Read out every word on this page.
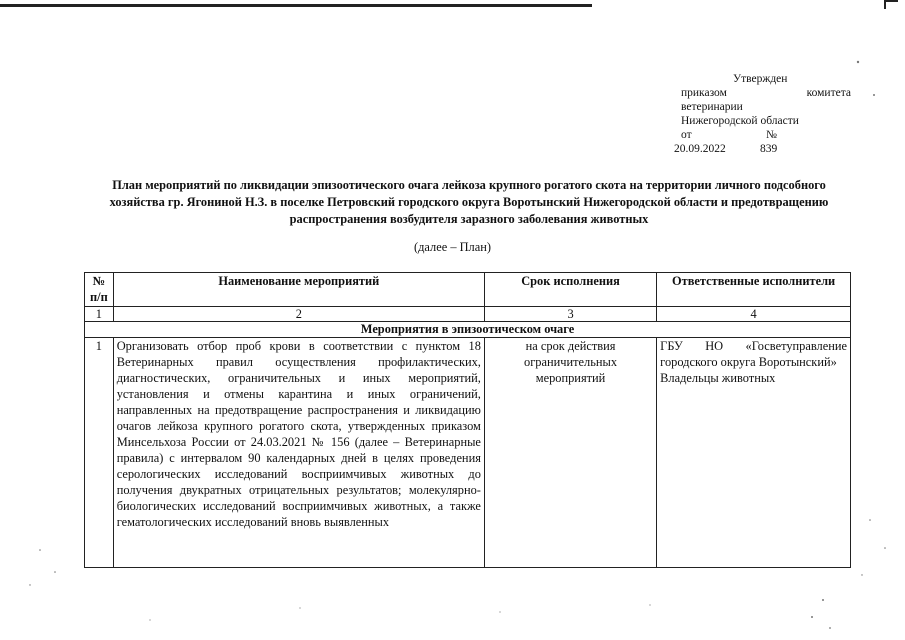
Утвержден
приказом	комитета
ветеринарии
Нижегородской области
от	№
20.09.2022	839
План мероприятий по ликвидации эпизоотического очага лейкоза крупного рогатого скота на территории личного подсобного хозяйства гр. Ягониной Н.З. в поселке Петровский городского округа Воротынский Нижегородской области и предотвращению распространения возбудителя заразного заболевания животных
(далее – План)
№ п/п	Наименование мероприятий	Срок исполнения	Ответственные исполнители
1	2	3	4
Мероприятия в эпизоотическом очаге			
1	Организовать отбор проб крови в соответствии с пунктом 18 Ветеринарных правил осуществления профилактических, диагностических, ограничительных и иных мероприятий, установления и отмены карантина и иных ограничений, направленных на предотвращение распространения и ликвидацию очагов лейкоза крупного рогатого скота, утвержденных приказом Минсельхоза России от 24.03.2021 № 156 (далее – Ветеринарные правила) с интервалом 90 календарных дней в целях проведения серологических исследований восприимчивых животных до получения двукратных отрицательных результатов; молекулярно-биологических исследований восприимчивых животных, а также гематологических исследований вновь выявленных	на срок действия ограничительных мероприятий	ГБУ НО «Госветуправление городского округа Воротынский»
Владельцы животных
